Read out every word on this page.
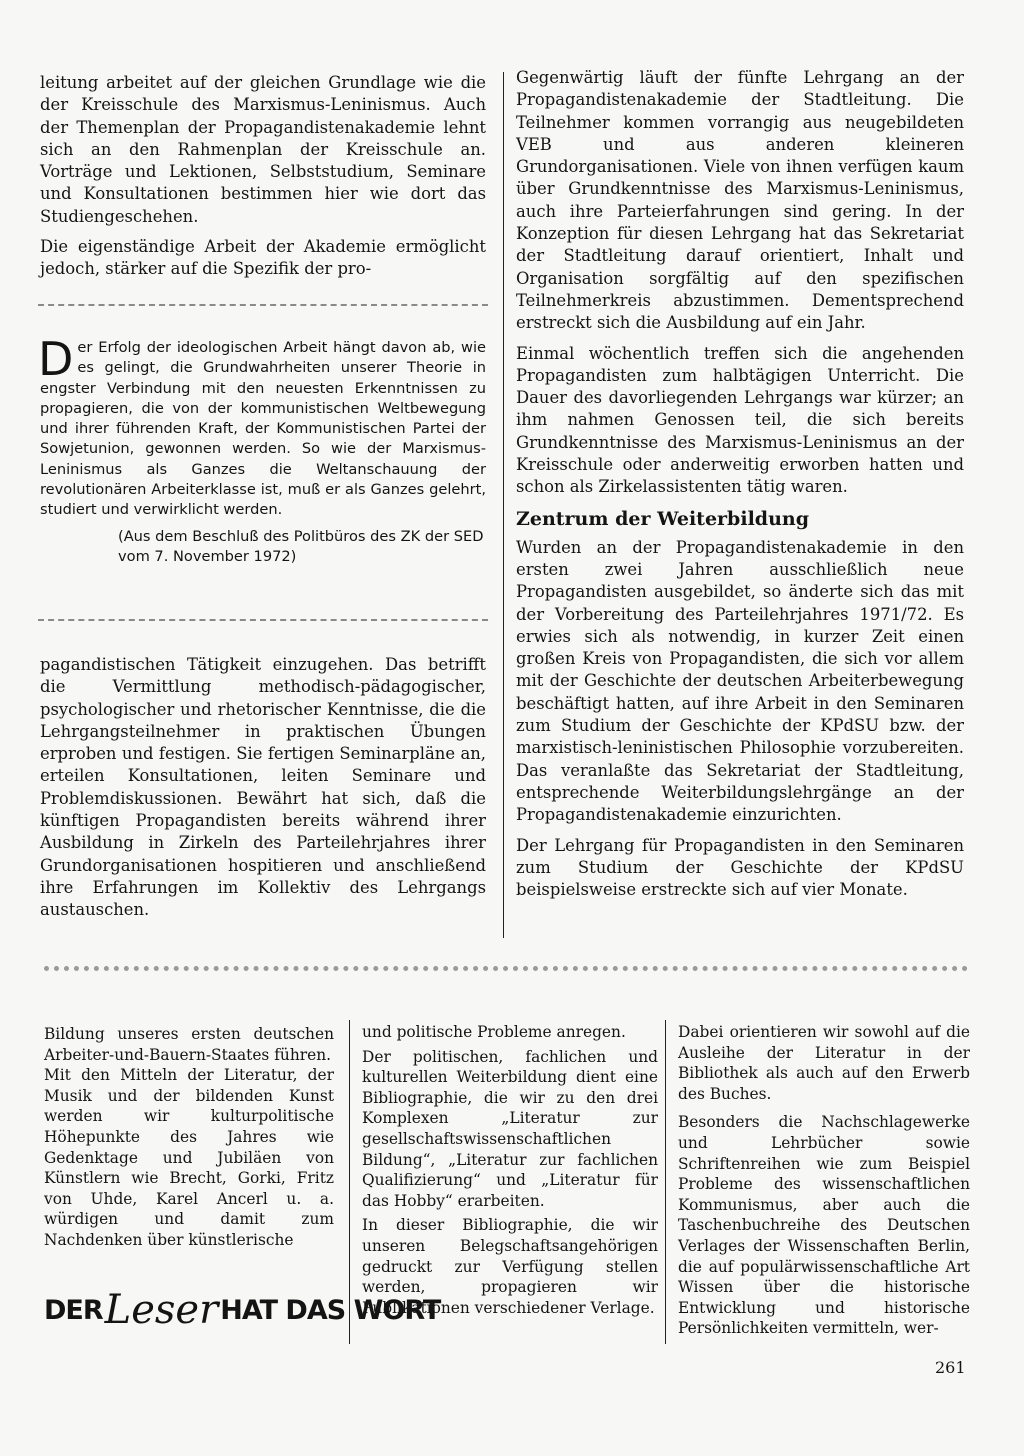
leitung arbeitet auf der gleichen Grundlage wie die der Kreisschule des Marxismus-Leninismus. Auch der Themenplan der Propagandistenakademie lehnt sich an den Rahmenplan der Kreisschule an. Vorträge und Lektionen, Selbststudium, Seminare und Konsultationen bestimmen hier wie dort das Studiengeschehen.

Die eigenständige Arbeit der Akademie ermöglicht jedoch, stärker auf die Spezifik der pro-

D er Erfolg der ideologischen Arbeit hängt davon ab, wie es gelingt, die Grundwahrheiten unserer Theorie in engster Verbindung mit den neuesten Erkenntnissen zu propagieren, die von der kommunistischen Weltbewegung und ihrer führenden Kraft, der Kommunistischen Partei der Sowjetunion, gewonnen werden. So wie der Marxismus-Leninismus als Ganzes die Weltanschauung der revolutionären Arbeiterklasse ist, muß er als Ganzes gelehrt, studiert und verwirklicht werden.
(Aus dem Beschluß des Politbüros des ZK der SED vom 7. November 1972)

pagandistischen Tätigkeit einzugehen. Das betrifft die Vermittlung methodisch-pädagogischer, psychologischer und rhetorischer Kenntnisse, die die Lehrgangsteilnehmer in praktischen Übungen erproben und festigen. Sie fertigen Seminarpläne an, erteilen Konsultationen, leiten Seminare und Problemdiskussionen. Bewährt hat sich, daß die künftigen Propagandisten bereits während ihrer Ausbildung in Zirkeln des Parteilehrjahres ihrer Grundorganisationen hospitieren und anschließend ihre Erfahrungen im Kollektiv des Lehrgangs austauschen.

Gegenwärtig läuft der fünfte Lehrgang an der Propagandistenakademie der Stadtleitung. Die Teilnehmer kommen vorrangig aus neugebildeten VEB und aus anderen kleineren Grundorganisationen. Viele von ihnen verfügen kaum über Grundkenntnisse des Marxismus-Leninismus, auch ihre Parteierfahrungen sind gering. In der Konzeption für diesen Lehrgang hat das Sekretariat der Stadtleitung darauf orientiert, Inhalt und Organisation sorgfältig auf den spezifischen Teilnehmerkreis abzustimmen. Dementsprechend erstreckt sich die Ausbildung auf ein Jahr.

Einmal wöchentlich treffen sich die angehenden Propagandisten zum halbtägigen Unterricht. Die Dauer des davorliegenden Lehrgangs war kürzer; an ihm nahmen Genossen teil, die sich bereits Grundkenntnisse des Marxismus-Leninismus an der Kreisschule oder anderweitig erworben hatten und schon als Zirkelassistenten tätig waren.

Zentrum der Weiterbildung

Wurden an der Propagandistenakademie in den ersten zwei Jahren ausschließlich neue Propagandisten ausgebildet, so änderte sich das mit der Vorbereitung des Parteilehrjahres 1971/72. Es erwies sich als notwendig, in kurzer Zeit einen großen Kreis von Propagandisten, die sich vor allem mit der Geschichte der deutschen Arbeiterbewegung beschäftigt hatten, auf ihre Arbeit in den Seminaren zum Studium der Geschichte der KPdSU bzw. der marxistisch-leninistischen Philosophie vorzubereiten. Das veranlaßte das Sekretariat der Stadtleitung, entsprechende Weiterbildungslehrgänge an der Propagandistenakademie einzurichten.

Der Lehrgang für Propagandisten in den Seminaren zum Studium der Geschichte der KPdSU beispielsweise erstreckte sich auf vier Monate.

Bildung unseres ersten deutschen Arbeiter-und-Bauern-Staates führen.

Mit den Mitteln der Literatur, der Musik und der bildenden Kunst werden wir kulturpolitische Höhepunkte des Jahres wie Gedenktage und Jubiläen von Künstlern wie Brecht, Gorki, Fritz von Uhde, Karel Ancerl u. a. würdigen und damit zum Nachdenken über künstlerische

DERLeserHAT DAS WORT

und politische Probleme anregen.

Der politischen, fachlichen und kulturellen Weiterbildung dient eine Bibliographie, die wir zu den drei Komplexen „Literatur zur gesellschaftswissenschaftlichen Bildung“, „Literatur zur fachlichen Qualifizierung“ und „Literatur für das Hobby“ erarbeiten.

In dieser Bibliographie, die wir unseren Belegschaftsangehörigen gedruckt zur Verfügung stellen werden, propagieren wir Publikationen verschiedener Verlage.

Dabei orientieren wir sowohl auf die Ausleihe der Literatur in der Bibliothek als auch auf den Erwerb des Buches.

Besonders die Nachschlagewerke und Lehrbücher sowie Schriftenreihen wie zum Beispiel Probleme des wissenschaftlichen Kommunismus, aber auch die Taschenbuchreihe des Deutschen Verlages der Wissenschaften Berlin, die auf populärwissenschaftliche Art Wissen über die historische Entwicklung und historische Persönlichkeiten vermitteln, wer-

261
